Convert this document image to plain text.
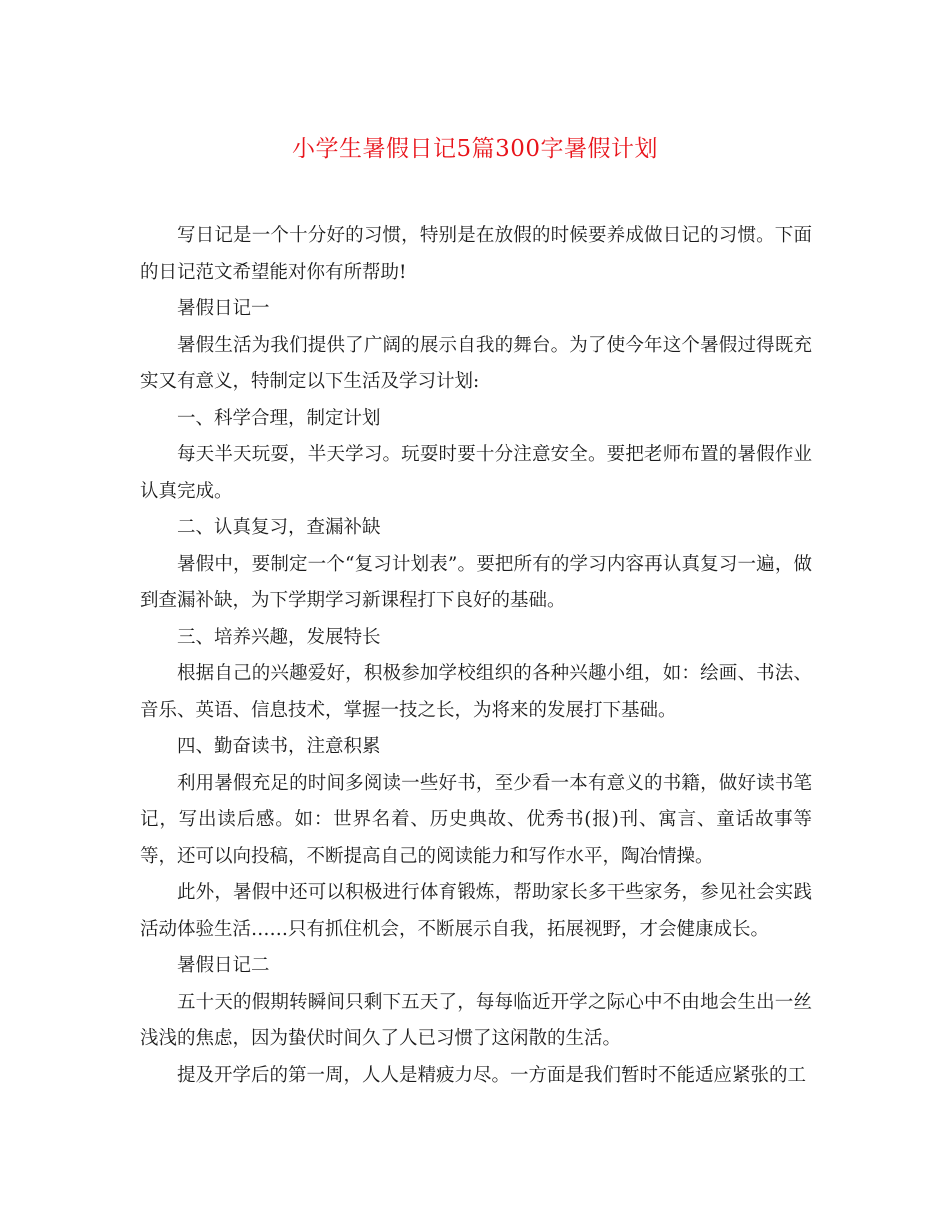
小学生暑假日记5篇300字暑假计划

写日记是一个十分好的习惯，特别是在放假的时候要养成做日记的习惯。下面的日记范文希望能对你有所帮助!

暑假日记一

暑假生活为我们提供了广阔的展示自我的舞台。为了使今年这个暑假过得既充实又有意义，特制定以下生活及学习计划:

一、科学合理，制定计划

每天半天玩耍，半天学习。玩耍时要十分注意安全。要把老师布置的暑假作业认真完成。

二、认真复习，查漏补缺

暑假中，要制定一个“复习计划表”。要把所有的学习内容再认真复习一遍，做到查漏补缺，为下学期学习新课程打下良好的基础。

三、培养兴趣，发展特长

根据自己的兴趣爱好，积极参加学校组织的各种兴趣小组，如：绘画、书法、音乐、英语、信息技术，掌握一技之长，为将来的发展打下基础。

四、勤奋读书，注意积累

利用暑假充足的时间多阅读一些好书，至少看一本有意义的书籍，做好读书笔记，写出读后感。如：世界名着、历史典故、优秀书(报)刊、寓言、童话故事等等，还可以向投稿，不断提高自己的阅读能力和写作水平，陶冶情操。

此外，暑假中还可以积极进行体育锻炼，帮助家长多干些家务，参见社会实践活动体验生活……只有抓住机会，不断展示自我，拓展视野，才会健康成长。

暑假日记二

五十天的假期转瞬间只剩下五天了，每每临近开学之际心中不由地会生出一丝浅浅的焦虑，因为蛰伏时间久了人已习惯了这闲散的生活。

提及开学后的第一周，人人是精疲力尽。一方面是我们暂时不能适应紧张的工
